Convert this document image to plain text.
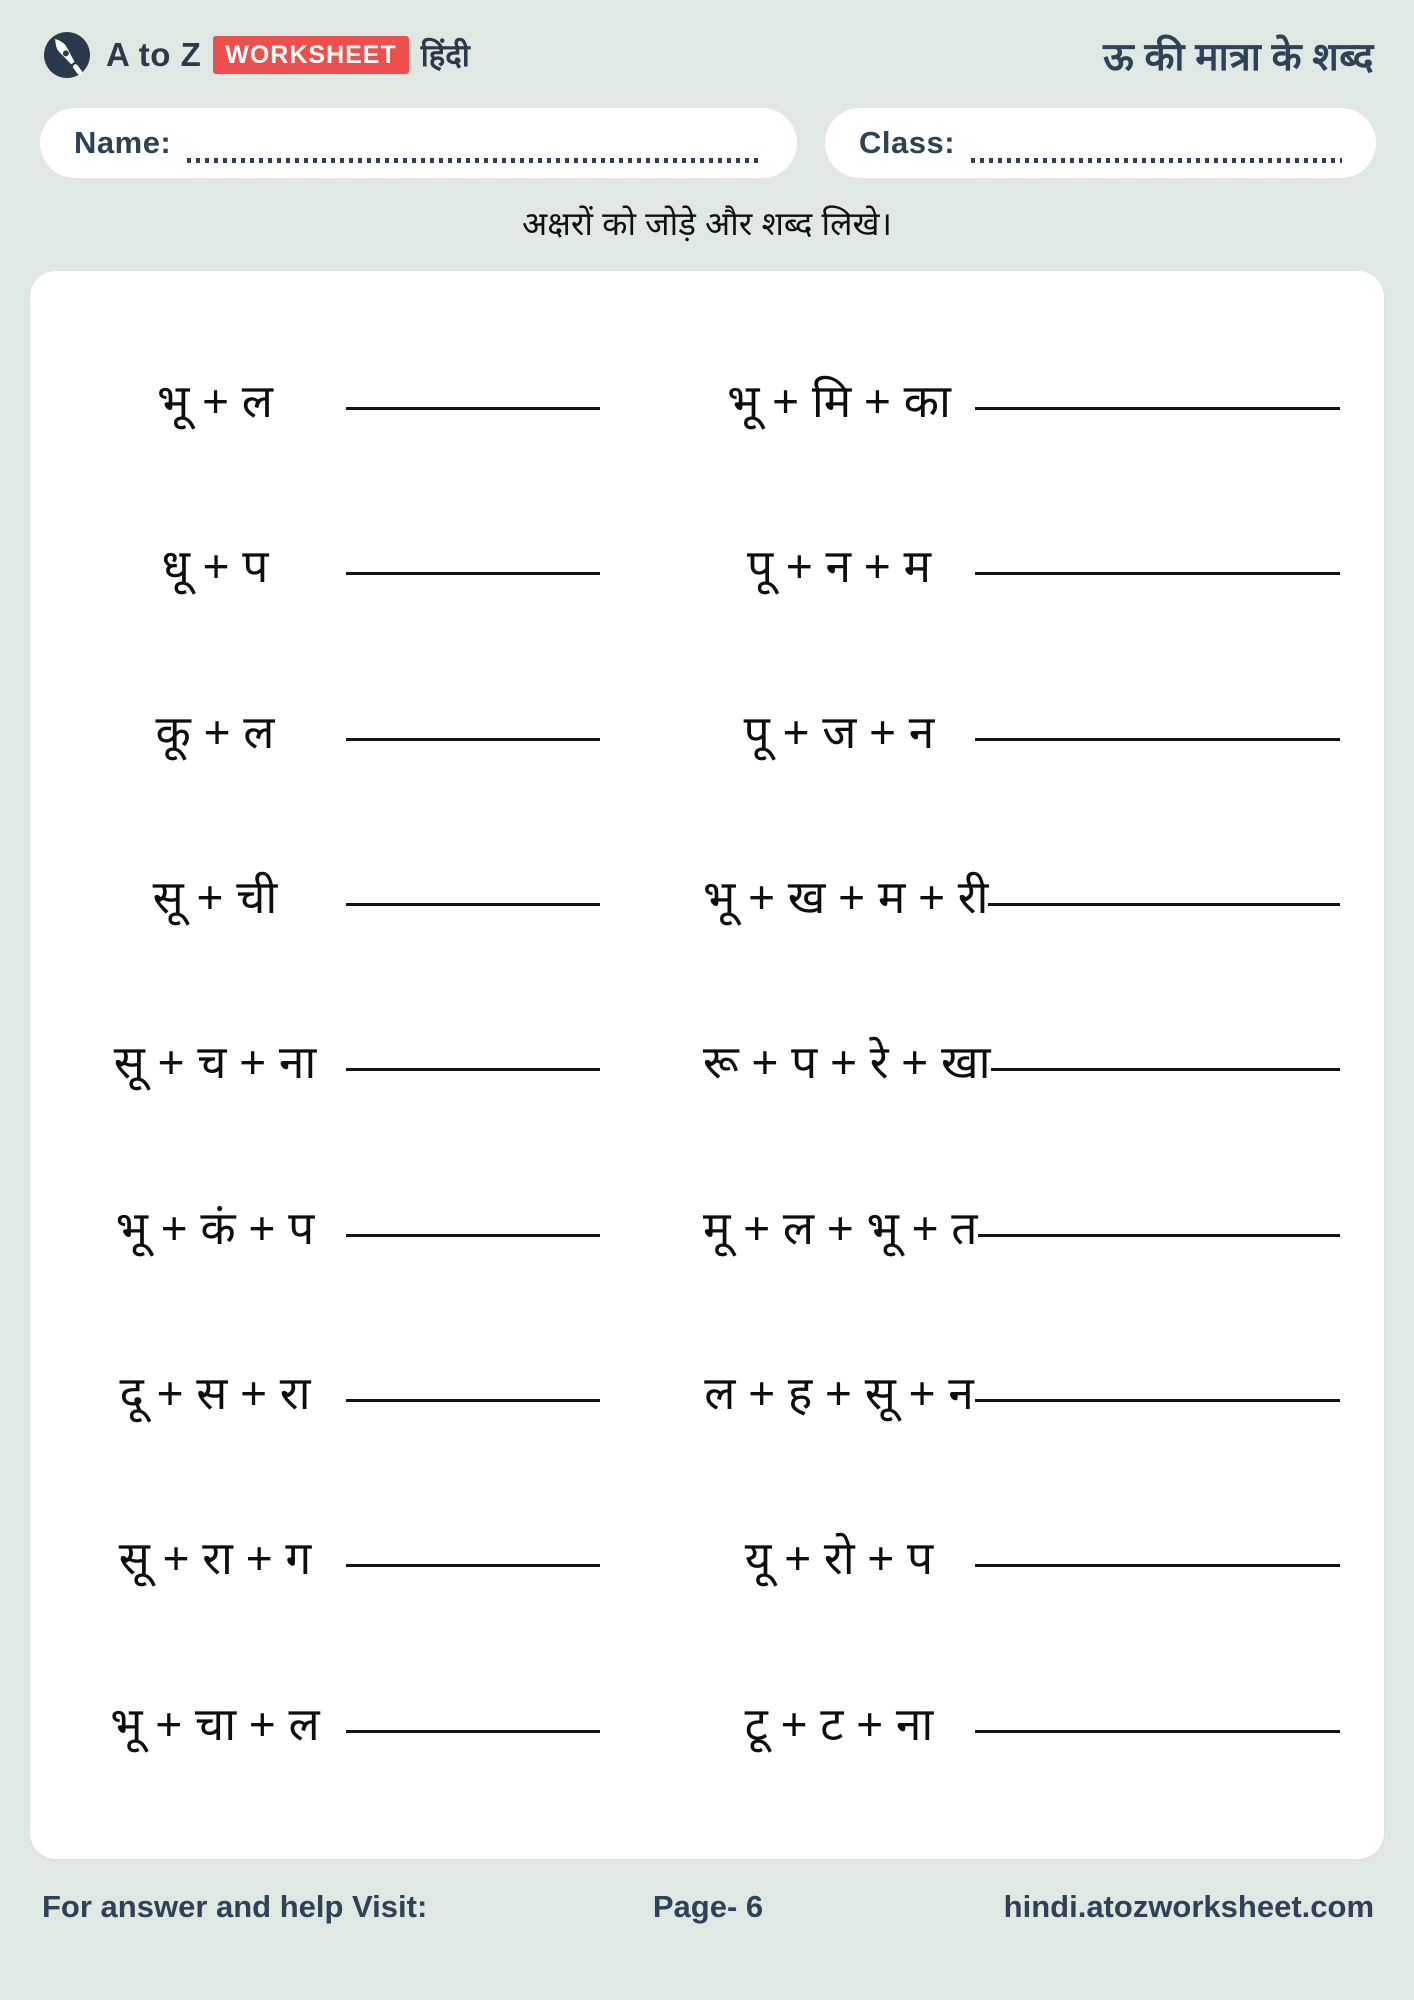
A to Z WORKSHEET हिंदी	ऊ की मात्रा के शब्द
Name:	Class:
अक्षरों को जोड़े और शब्द लिखे।
भू + ल	भू + मि + का
धू + प	पू + न + म
कू + ल	पू + ज + न
सू + ची	भू + ख + म + री
सू + च + ना	रू + प + रे + खा
भू + कं + प	मू + ल + भू + त
दू + स + रा	ल + ह + सू + न
सू + रा + ग	यू + रो + प
भू + चा + ल	टू + ट + ना
For answer and help Visit:	Page- 6	hindi.atozworksheet.com
